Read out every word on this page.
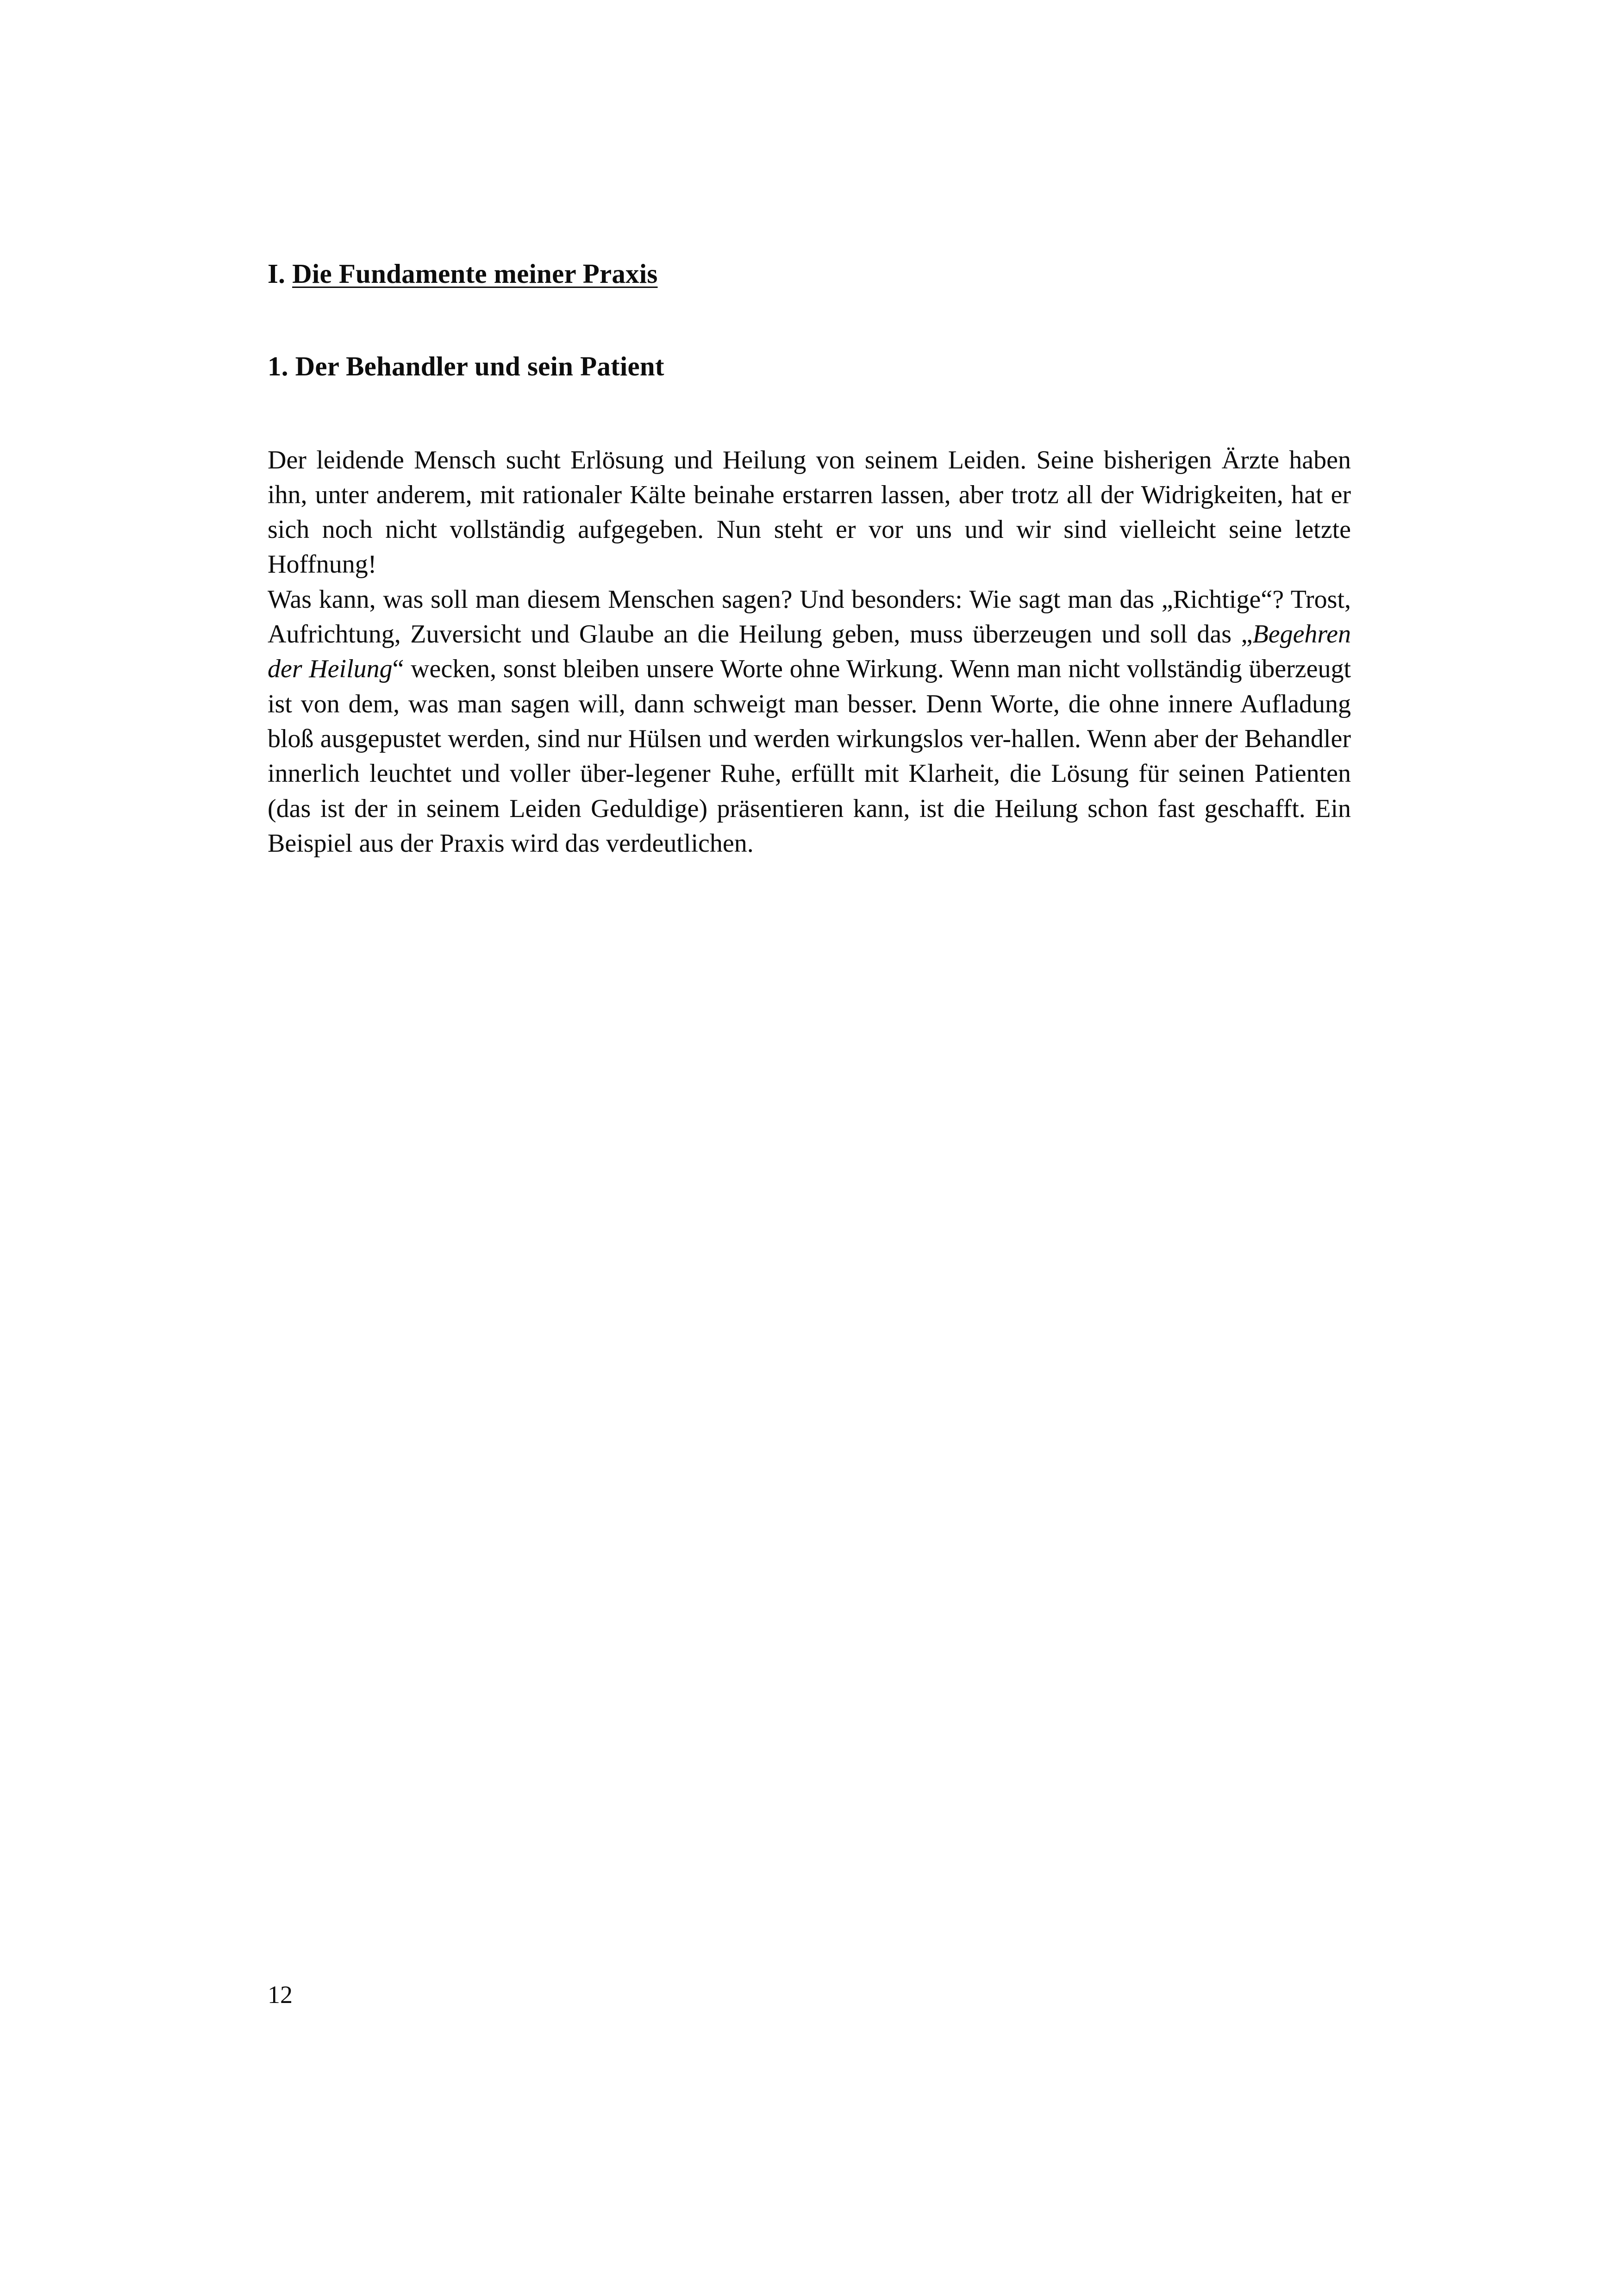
I. Die Fundamente meiner Praxis
1. Der Behandler und sein Patient

Der leidende Mensch sucht Erlösung und Heilung von seinem Leiden. Seine bisherigen Ärzte haben ihn, unter anderem, mit rationaler Kälte beinahe erstarren lassen, aber trotz all der Widrigkeiten, hat er sich noch nicht vollständig aufgegeben. Nun steht er vor uns und wir sind vielleicht seine letzte Hoffnung!

Was kann, was soll man diesem Menschen sagen? Und besonders: Wie sagt man das „Richtige“? Trost, Aufrichtung, Zuversicht und Glaube an die Heilung geben, muss überzeugen und soll das „Begehren der Heilung“ wecken, sonst bleiben unsere Worte ohne Wirkung. Wenn man nicht vollständig überzeugt ist von dem, was man sagen will, dann schweigt man besser. Denn Worte, die ohne innere Aufladung bloß ausgepustet werden, sind nur Hülsen und werden wirkungslos ver-hallen. Wenn aber der Behandler innerlich leuchtet und voller über-legener Ruhe, erfüllt mit Klarheit, die Lösung für seinen Patienten (das ist der in seinem Leiden Geduldige) präsentieren kann, ist die Heilung schon fast geschafft. Ein Beispiel aus der Praxis wird das verdeutlichen.

12
